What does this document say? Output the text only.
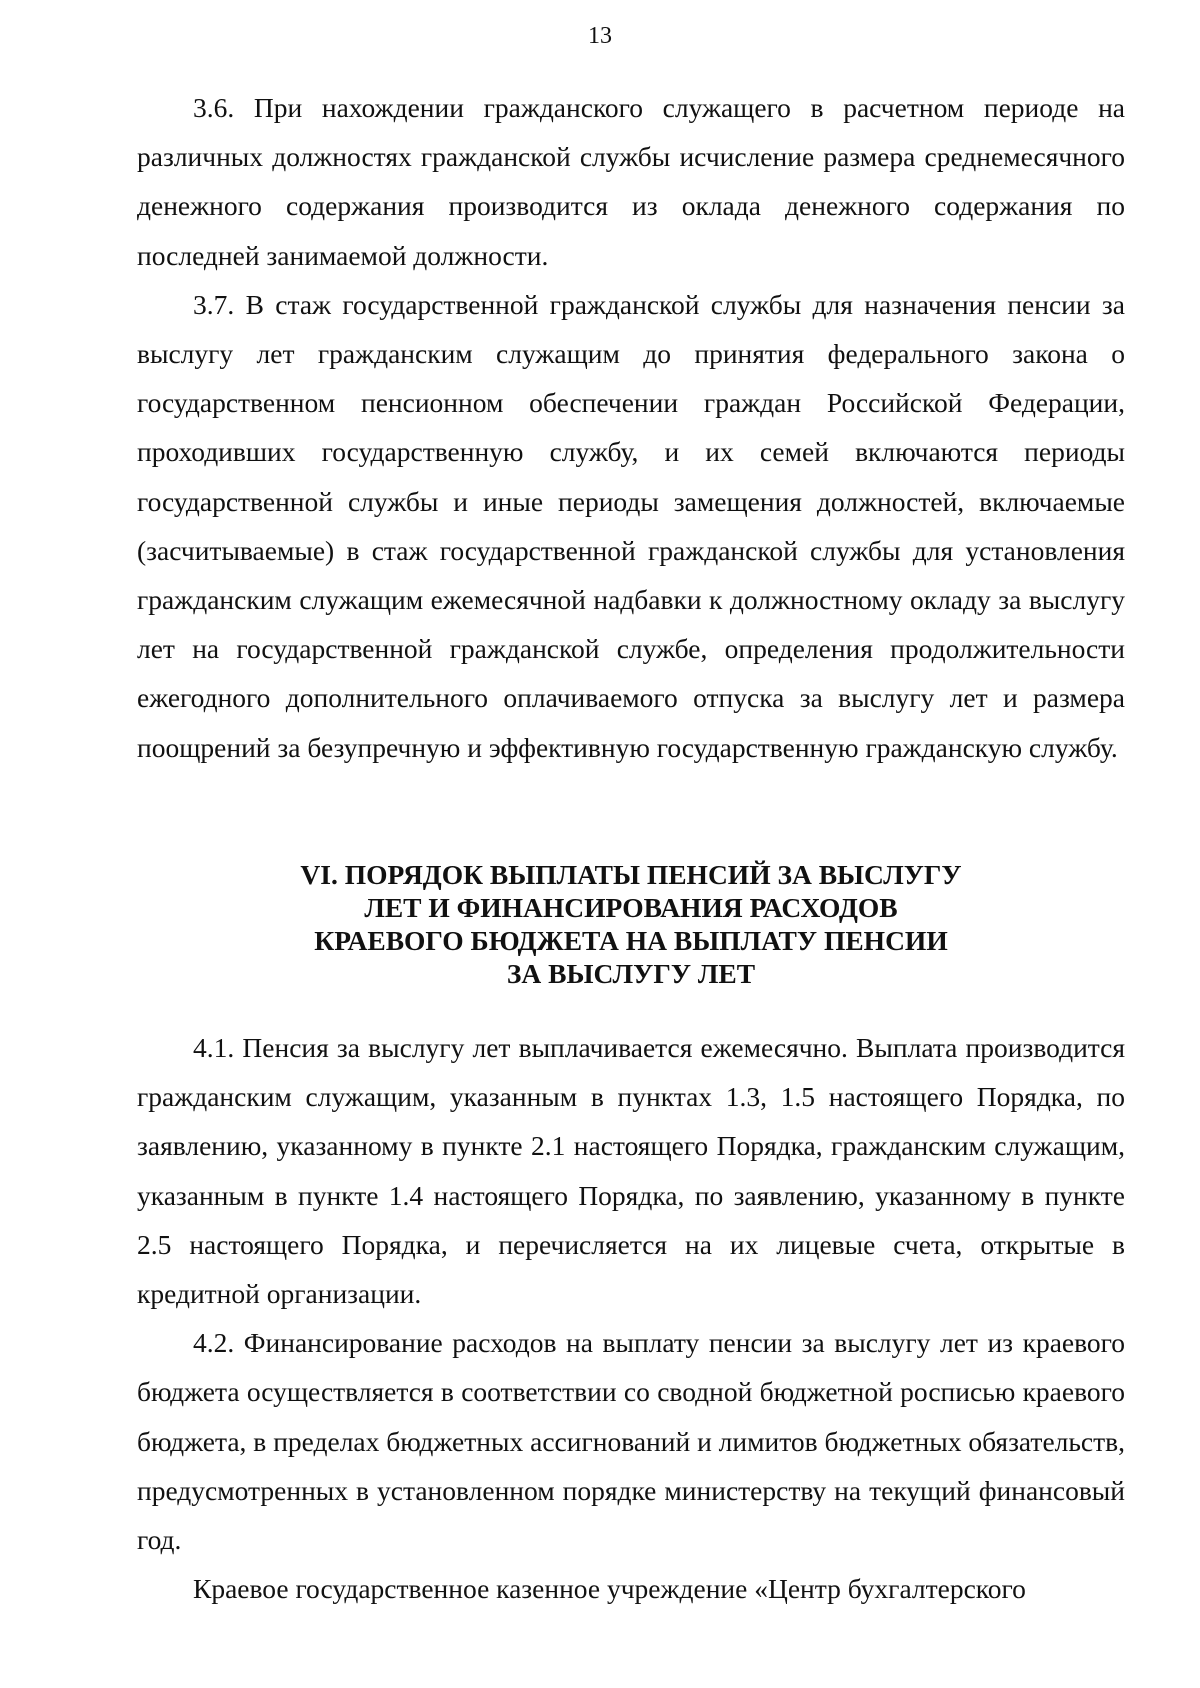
13

3.6. При нахождении гражданского служащего в расчетном периоде на различных должностях гражданской службы исчисление размера среднемесячного денежного содержания производится из оклада денежного содержания по последней занимаемой должности.

3.7. В стаж государственной гражданской службы для назначения пенсии за выслугу лет гражданским служащим до принятия федерального закона о государственном пенсионном обеспечении граждан Российской Федерации, проходивших государственную службу, и их семей включаются периоды государственной службы и иные периоды замещения должностей, включаемые (засчитываемые) в стаж государственной гражданской службы для установления гражданским служащим ежемесячной надбавки к должностному окладу за выслугу лет на государственной гражданской службе, определения продолжительности ежегодного дополнительного оплачиваемого отпуска за выслугу лет и размера поощрений за безупречную и эффективную государственную гражданскую службу.

VI. ПОРЯДОК ВЫПЛАТЫ ПЕНСИЙ ЗА ВЫСЛУГУ
ЛЕТ И ФИНАНСИРОВАНИЯ РАСХОДОВ
КРАЕВОГО БЮДЖЕТА НА ВЫПЛАТУ ПЕНСИИ
ЗА ВЫСЛУГУ ЛЕТ

4.1. Пенсия за выслугу лет выплачивается ежемесячно. Выплата производится гражданским служащим, указанным в пунктах 1.3, 1.5 настоящего Порядка, по заявлению, указанному в пункте 2.1 настоящего Порядка, гражданским служащим, указанным в пункте 1.4 настоящего Порядка, по заявлению, указанному в пункте 2.5 настоящего Порядка, и перечисляется на их лицевые счета, открытые в кредитной организации.

4.2. Финансирование расходов на выплату пенсии за выслугу лет из краевого бюджета осуществляется в соответствии со сводной бюджетной росписью краевого бюджета, в пределах бюджетных ассигнований и лимитов бюджетных обязательств, предусмотренных в установленном порядке министерству на текущий финансовый год.

Краевое государственное казенное учреждение «Центр бухгалтерского
